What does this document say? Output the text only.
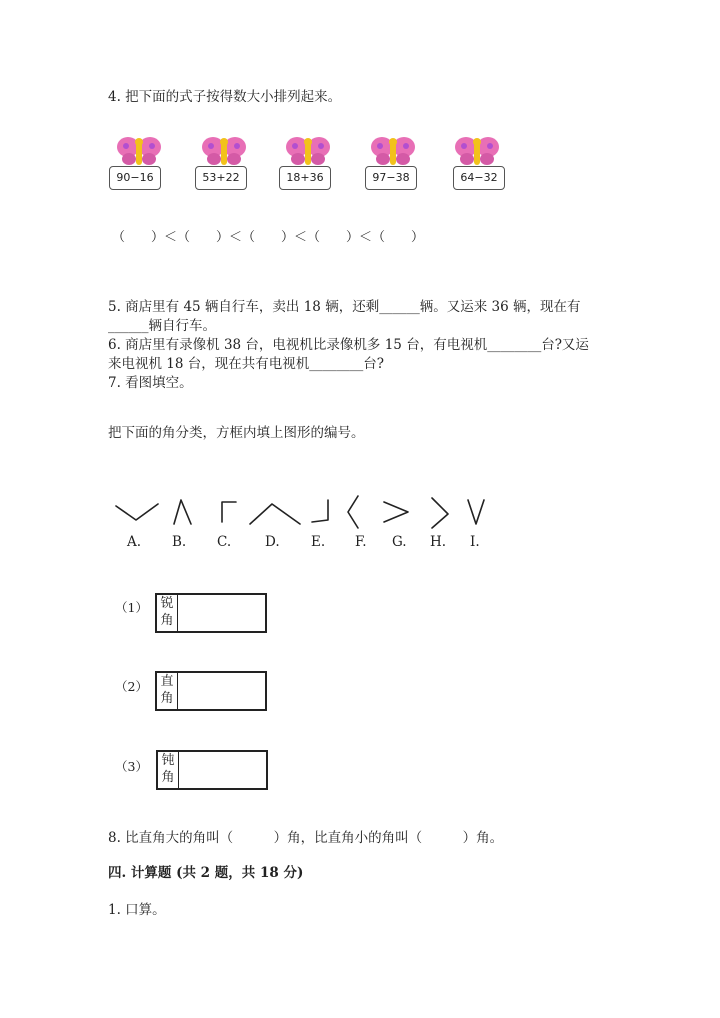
4. 把下面的式子按得数大小排列起来。
90−16	53+22	18+36	97−38	64−32
（　　）＜（　　）＜（　　）＜（　　）＜（　　）
5. 商店里有 45 辆自行车，卖出 18 辆，还剩______辆。又运来 36 辆，现在有
______辆自行车。
6. 商店里有录像机 38 台，电视机比录像机多 15 台，有电视机________台?又运
来电视机 18 台，现在共有电视机________台?
7. 看图填空。
把下面的角分类，方框内填上图形的编号。
A. B. C.	D. E. F. G. H. I.
（1） 锐角
（2） 直角
（3） 钝角
8. 比直角大的角叫（　　　）角，比直角小的角叫（　　　）角。
四. 计算题 (共 2 题，共 18 分)
1. 口算。
